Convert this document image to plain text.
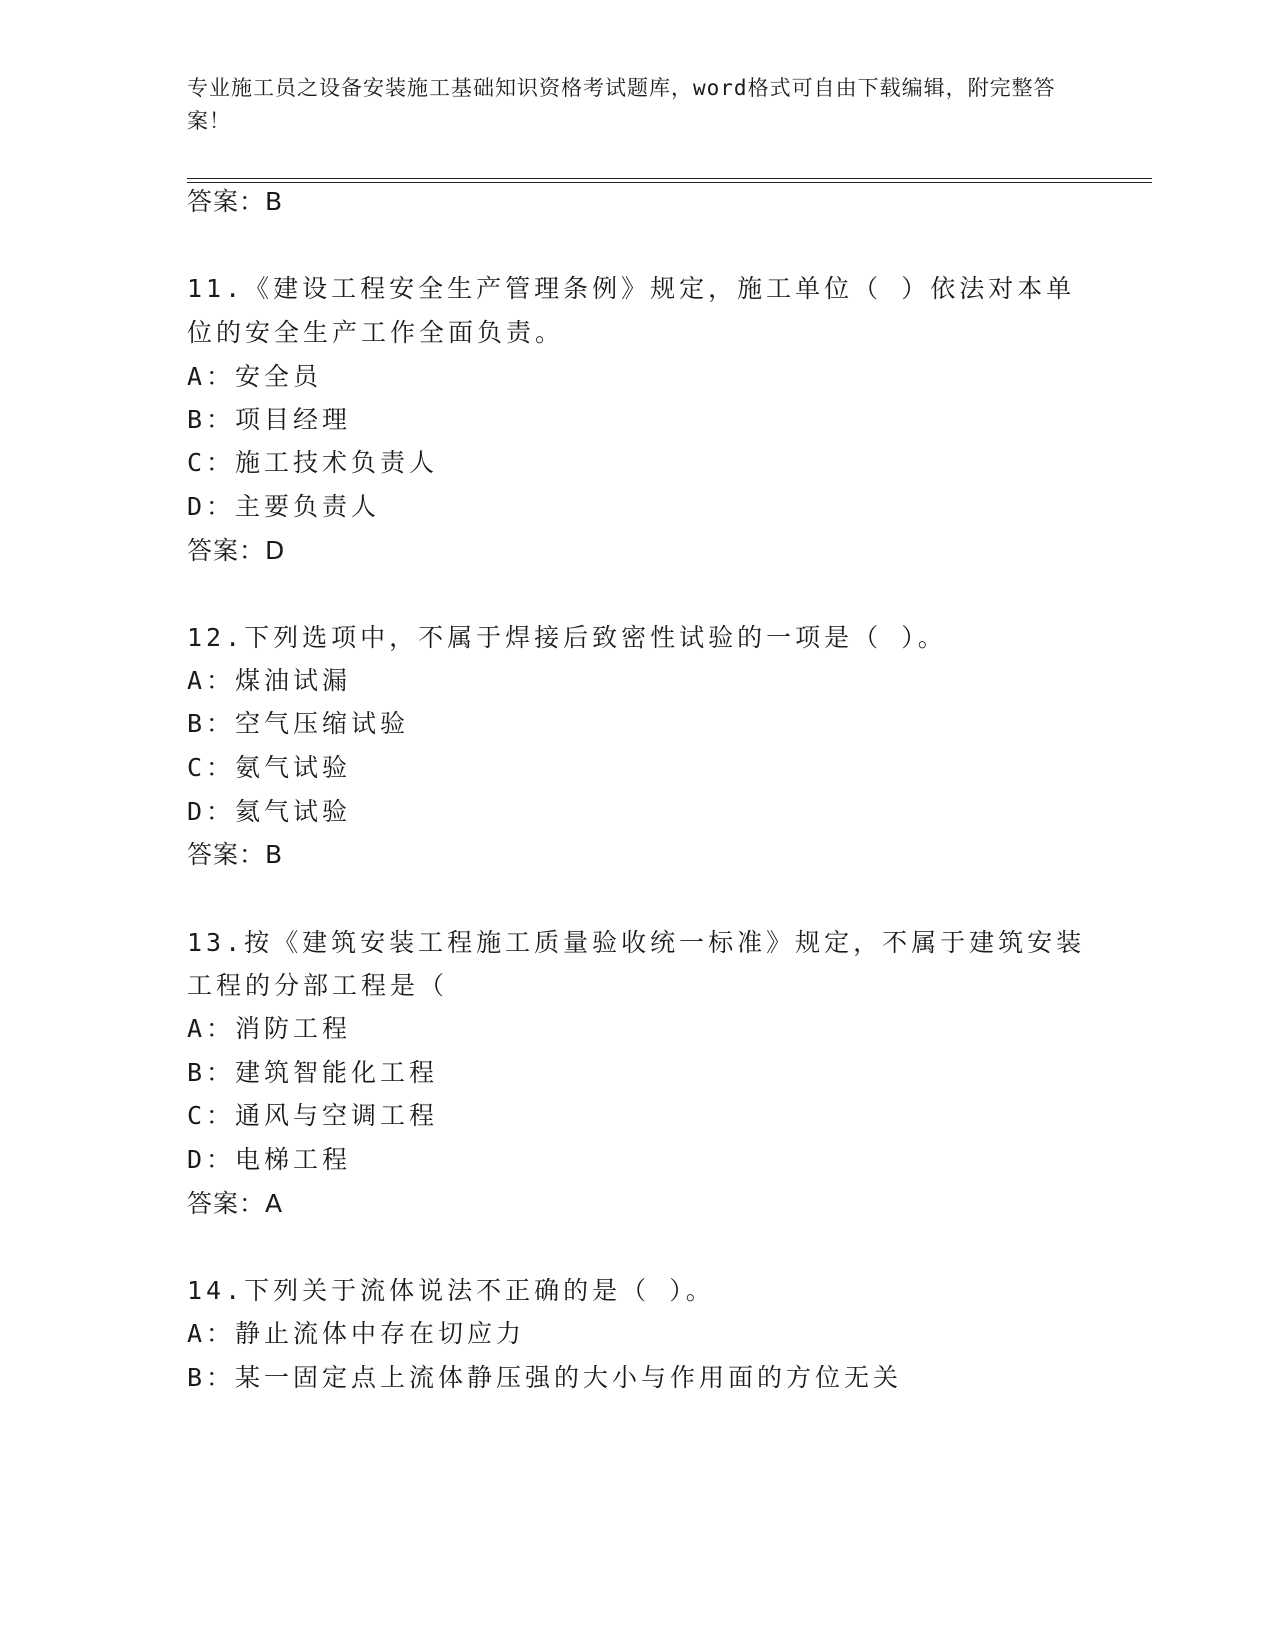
专业施工员之设备安装施工基础知识资格考试题库，word格式可自由下载编辑，附完整答案！
答案：B
11.《建设工程安全生产管理条例》规定，施工单位（ ）依法对本单
位的安全生产工作全面负责。
A：安全员
B：项目经理
C：施工技术负责人
D：主要负责人
答案：D
12.下列选项中，不属于焊接后致密性试验的一项是（ ）。
A：煤油试漏
B：空气压缩试验
C：氨气试验
D：氦气试验
答案：B
13.按《建筑安装工程施工质量验收统一标准》规定，不属于建筑安装
工程的分部工程是（
A：消防工程
B：建筑智能化工程
C：通风与空调工程
D：电梯工程
答案：A
14.下列关于流体说法不正确的是（ ）。
A：静止流体中存在切应力
B：某一固定点上流体静压强的大小与作用面的方位无关
